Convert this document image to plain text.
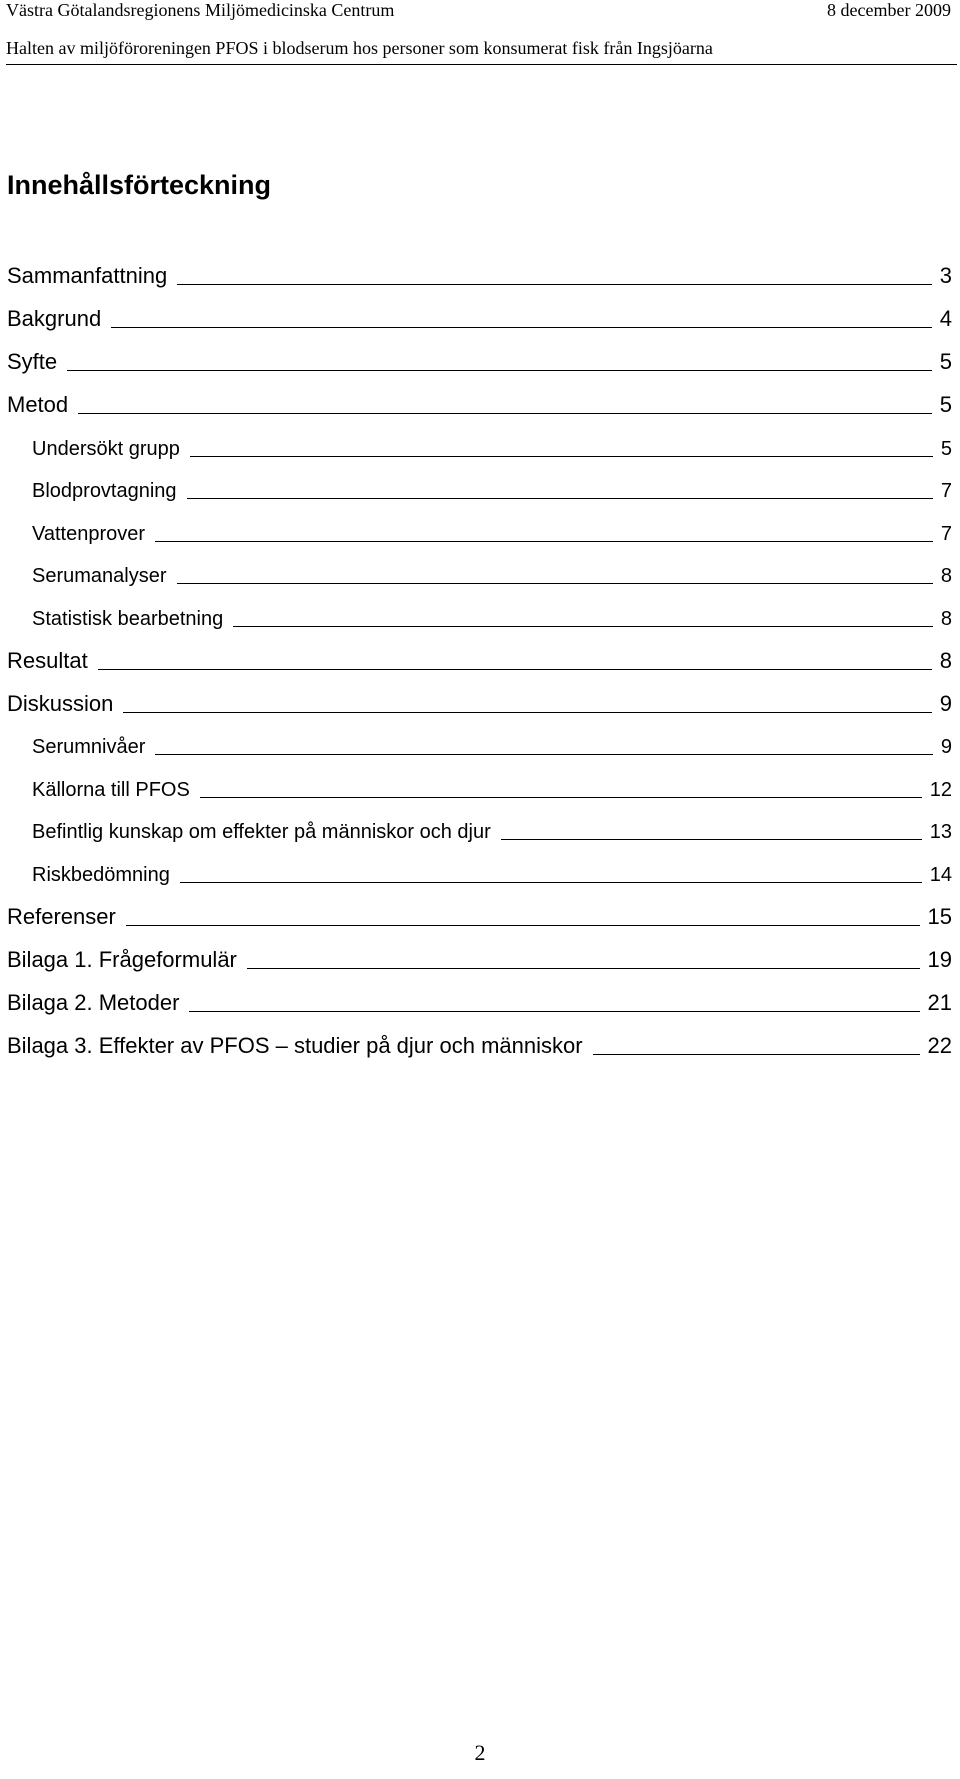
Västra Götalandsregionens Miljömedicinska Centrum	8 december 2009
Halten av miljöföroreningen PFOS i blodserum hos personer som konsumerat fisk från Ingsjöarna
Innehållsförteckning
Sammanfattning	3
Bakgrund	4
Syfte	5
Metod	5
Undersökt grupp	5
Blodprovtagning	7
Vattenprover	7
Serumanalyser	8
Statistisk bearbetning	8
Resultat	8
Diskussion	9
Serumnivåer	9
Källorna till PFOS	12
Befintlig kunskap om effekter på människor och djur	13
Riskbedömning	14
Referenser	15
Bilaga 1. Frågeformulär	19
Bilaga 2. Metoder	21
Bilaga 3. Effekter av PFOS – studier på djur och människor	22
2
